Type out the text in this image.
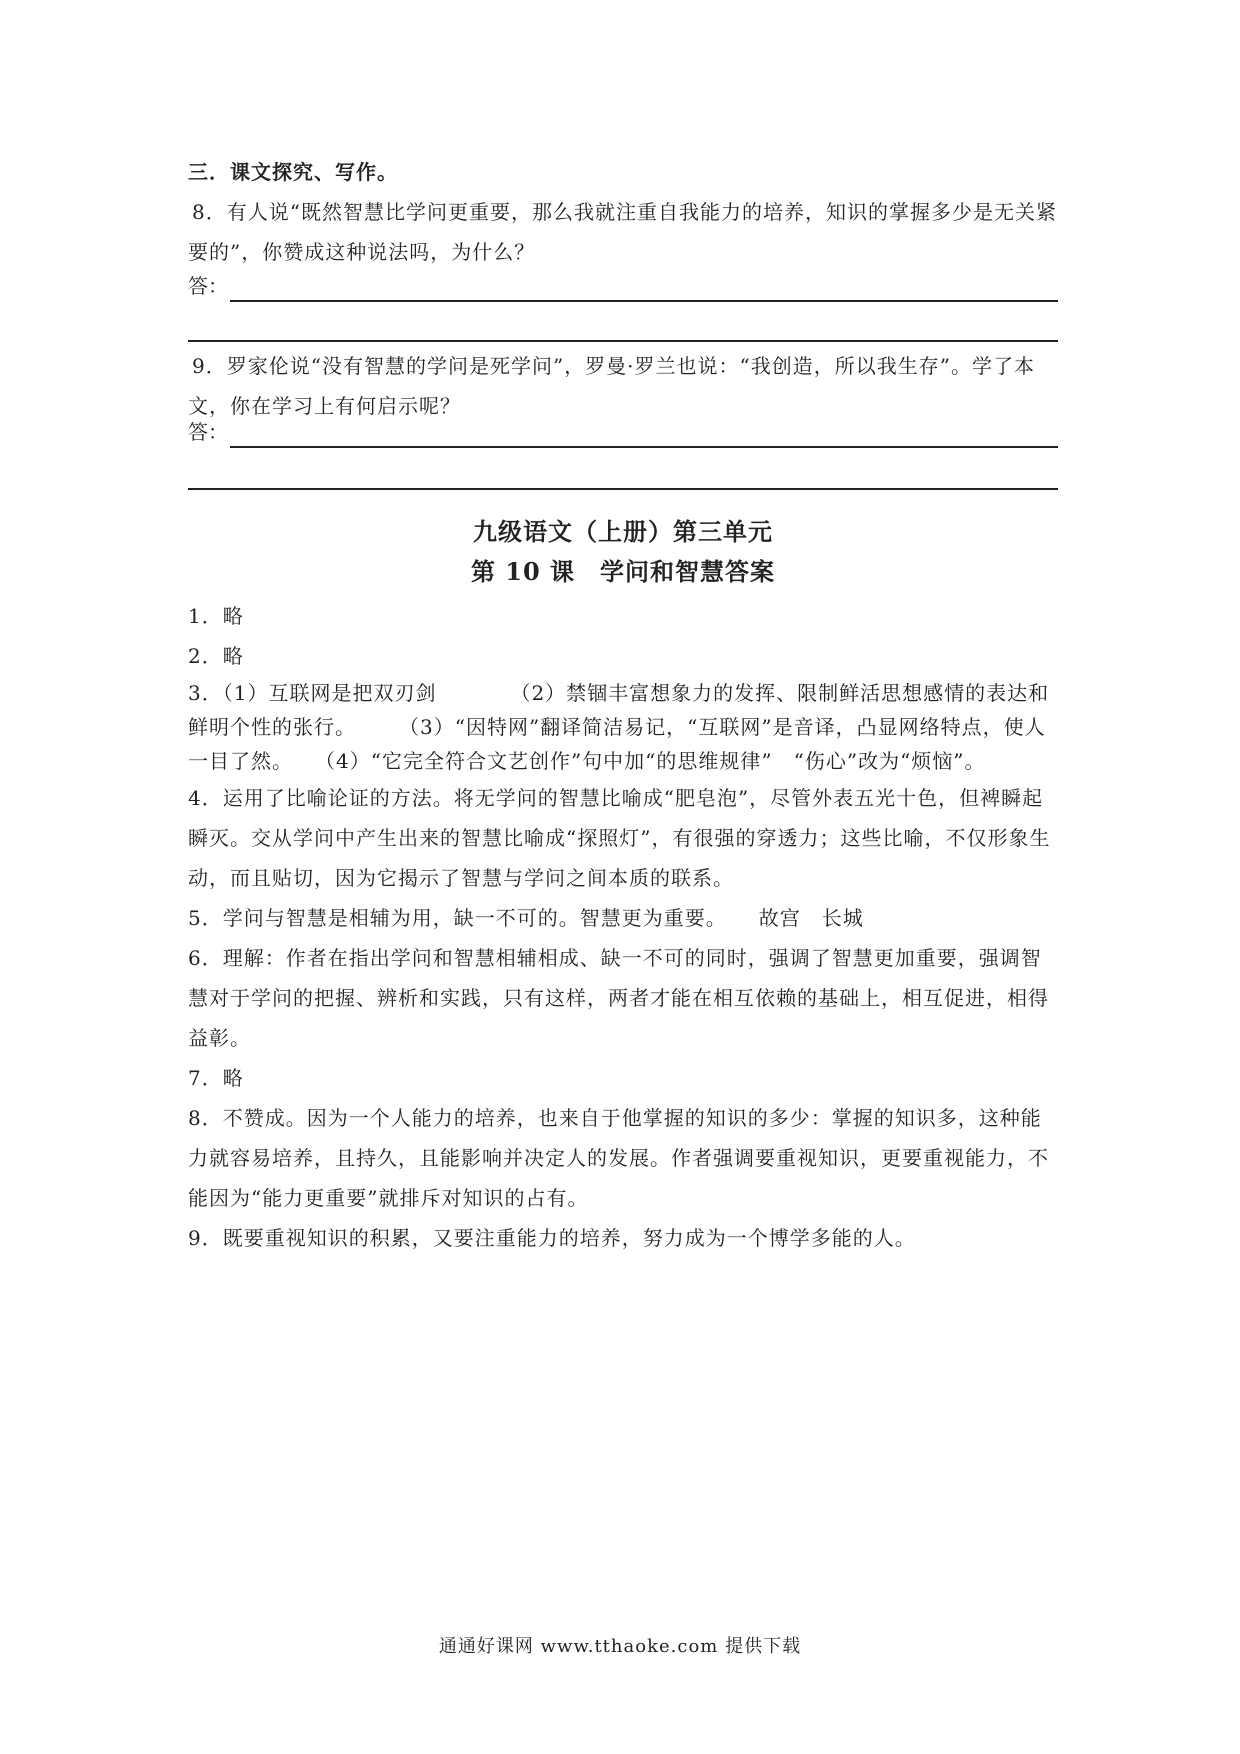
三．课文探究、写作。
8．有人说“既然智慧比学问更重要，那么我就注重自我能力的培养，知识的掌握多少是无关紧要的”，你赞成这种说法吗，为什么？
答：
9．罗家伦说“没有智慧的学问是死学问”，罗曼·罗兰也说：“我创造，所以我生存”。学了本文，你在学习上有何启示呢？
答：
九级语文（上册）第三单元
第 10 课　学问和智慧答案

1．略

2．略

3．（1）互联网是把双刃剑　　　　（2）禁锢丰富想象力的发挥、限制鲜活思想感情的表达和鲜明个性的张行。　　　（3）“因特网”翻译简洁易记，“互联网”是音译，凸显网络特点，使人一目了然。　　（4）“它完全符合文艺创作”句中加“的思维规律”　“伤心”改为“烦恼”。

4．运用了比喻论证的方法。将无学问的智慧比喻成“肥皂泡”，尽管外表五光十色，但裨瞬起瞬灭。交从学问中产生出来的智慧比喻成“探照灯”，有很强的穿透力；这些比喻，不仅形象生动，而且贴切，因为它揭示了智慧与学问之间本质的联系。

5．学问与智慧是相辅为用，缺一不可的。智慧更为重要。　　故宫　长城

6．理解：作者在指出学问和智慧相辅相成、缺一不可的同时，强调了智慧更加重要，强调智慧对于学问的把握、辨析和实践，只有这样，两者才能在相互依赖的基础上，相互促进，相得益彰。

7．略

8．不赞成。因为一个人能力的培养，也来自于他掌握的知识的多少：掌握的知识多，这种能力就容易培养，且持久，且能影响并决定人的发展。作者强调要重视知识，更要重视能力，不能因为“能力更重要”就排斥对知识的占有。

9．既要重视知识的积累，又要注重能力的培养，努力成为一个博学多能的人。

通通好课网 www.tthaoke.com 提供下载
